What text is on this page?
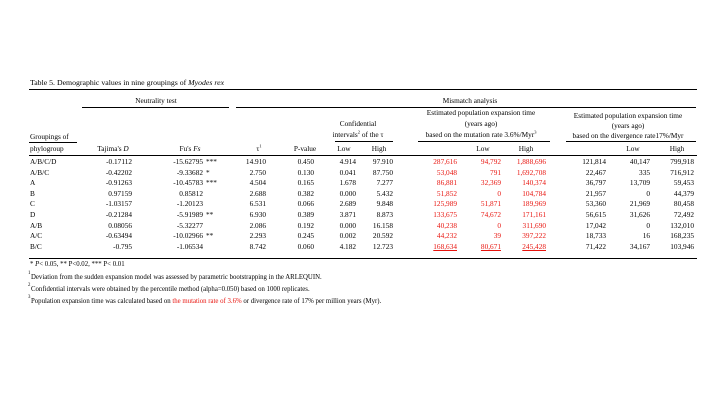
Table 5. Demographic values in nine groupings of Myodes rex
Neutrality test	Mismatch analysis
Estimated population expansion time
(years ago)
based on the mutation rate 3.6%/Myr$^3$
Estimated population expansion time
(years ago)
based on the divergence rate17%/Myr
Confidential
intervals$^2$ of the τ
Groupings of
phylogroup	Tajima's D	Fu's Fs	$\tau^1$	P-value	Low	High	Low	High	Low	High
A/B/C/D	-0.17112	-15.62795 ***	14.910	0.450	4.914 97.910	287,616	94,792 1,888,696	121,814	40,147	799,918
A/B/C	-0.42202	-9.33682 *	2.750	0.130	0.041 87.750	53,048	791 1,692,708	22,467	335	716,912
A	-0.91263	-10.45783 ***	4.504	0.165	1.678	7.277	86,881	32,369	140,374	36,797	13,709	59,453
B	0.97159	0.85812	2.688	0.382	0.000	5.432	51,852	0	104,784	21,957	0	44,379
C	-1.03157	-1.20123	6.531	0.066	2.689	9.848	125,989	51,871	189,969	53,360	21,969	80,458
D	-0.21284	-5.91989 **	6.930	0.389	3.871	8.873	133,675	74,672	171,161	56,615	31,626	72,492
A/B	0.08056	-5.32277	2.086	0.192	0.000 16.158	40,238	0	311,690	17,042	0	132,010
A/C	-0.63494	-10.02966 **	2.293	0.245	0.002 20.592	44,232	39	397,222	18,733	16	168,235
B/C	-0.795	-1.06534	8.742	0.060	4.182 12.723	168,634	80,671	245,428	71,422	34,167	103,946
* P< 0.05, ** P<0.02, *** P< 0.01
1
Deviation from the sudden expansion model was assessed by parametric bootstrapping in the ARLEQUIN.
2
Confidential intervals were obtained by the percentile method (alpha=0.050) based on 1000 replicates.
3
Population expansion time was calculated based on the mutation rate of 3.6% or divergence rate of 17% per million years (Myr).
